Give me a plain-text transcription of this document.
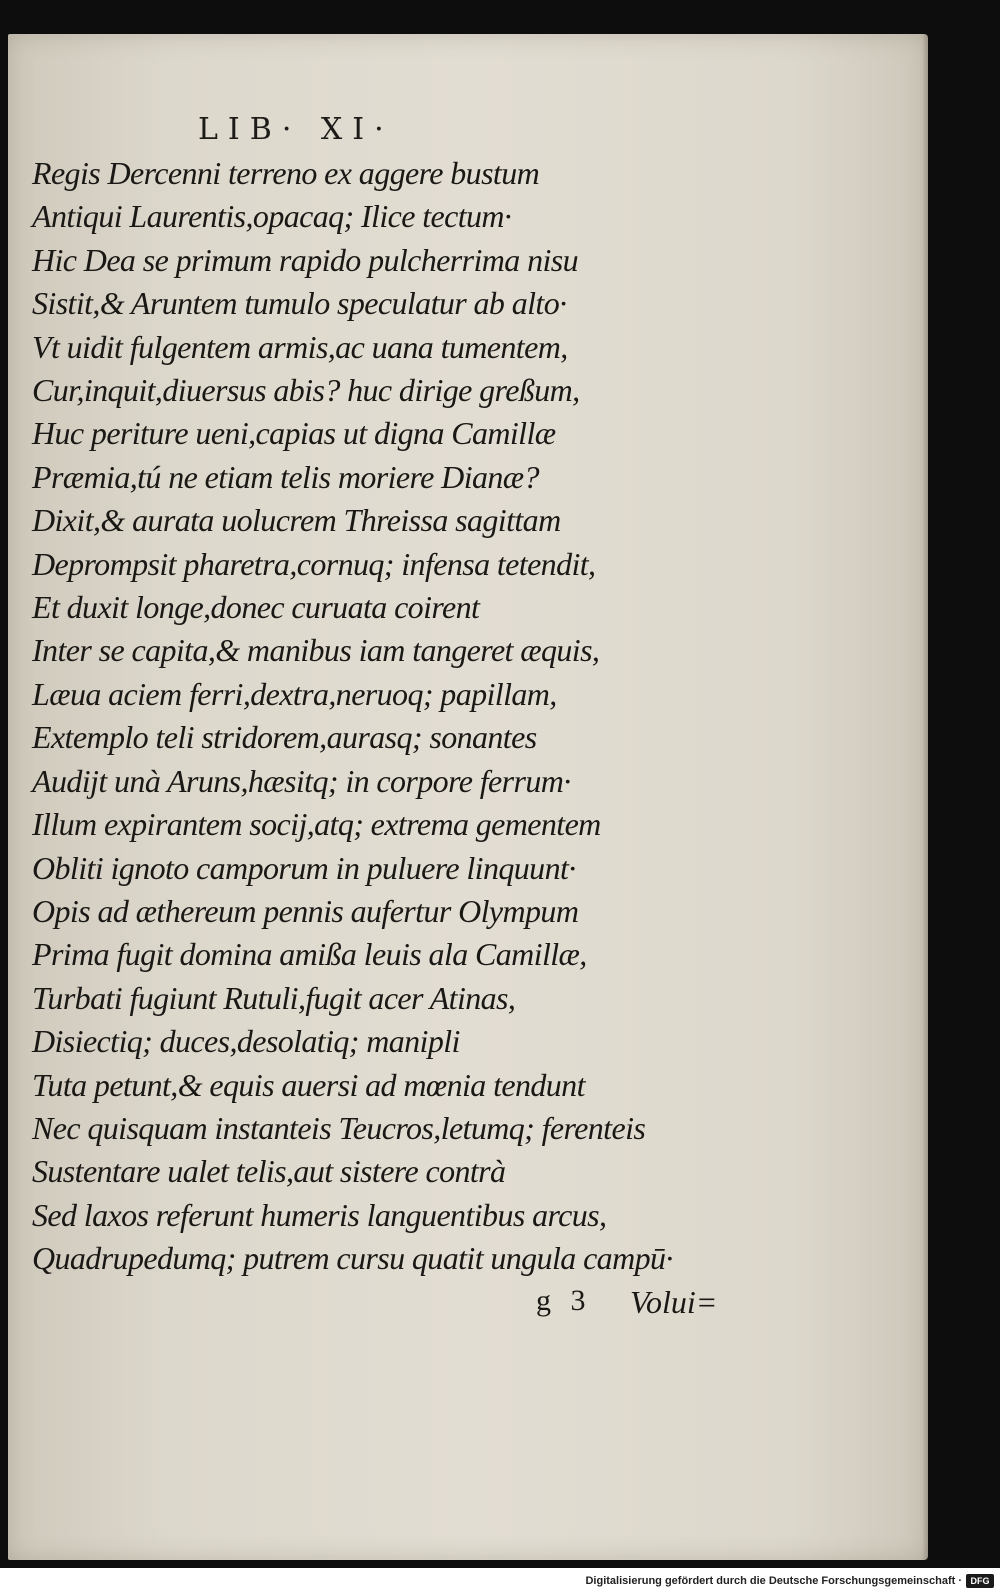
LIB· XI·
Regis Dercenni terreno ex aggere bustum
Antiqui Laurentis,opacaq; Ilice tectum·
Hic Dea se primum rapido pulcherrima nisu
Sistit,& Aruntem tumulo speculatur ab alto·
Vt uidit fulgentem armis,ac uana tumentem,
Cur,inquit,diuersus abis? huc dirige greßum,
Huc periture ueni,capias ut digna Camillæ
Præmia,tú ne etiam telis moriere Dianæ?
Dixit,& aurata uolucrem Threissa sagittam
Deprompsit pharetra,cornuq; infensa tetendit,
Et duxit longe,donec curuata coirent
Inter se capita,& manibus iam tangeret æquis,
Læua aciem ferri,dextra,neruoq; papillam,
Extemplo teli stridorem,aurasq; sonantes
Audijt unà Aruns,hæsitq; in corpore ferrum·
Illum expirantem socij,atq; extrema gementem
Obliti ignoto camporum in puluere linquunt·
Opis ad æthereum pennis aufertur Olympum
Prima fugit domina amißa leuis ala Camillæ,
Turbati fugiunt Rutuli,fugit acer Atinas,
Disiectiq; duces,desolatiq; manipli
Tuta petunt,& equis auersi ad mœnia tendunt
Nec quisquam instanteis Teucros,letumq; ferenteis
Sustentare ualet telis,aut sistere contrà
Sed laxos referunt humeris languentibus arcus,
Quadrupedumq; putrem cursu quatit ungula campū·
g 3 Volui=
Digitalisierung gefördert durch die Deutsche Forschungsgemeinschaft · DFG
